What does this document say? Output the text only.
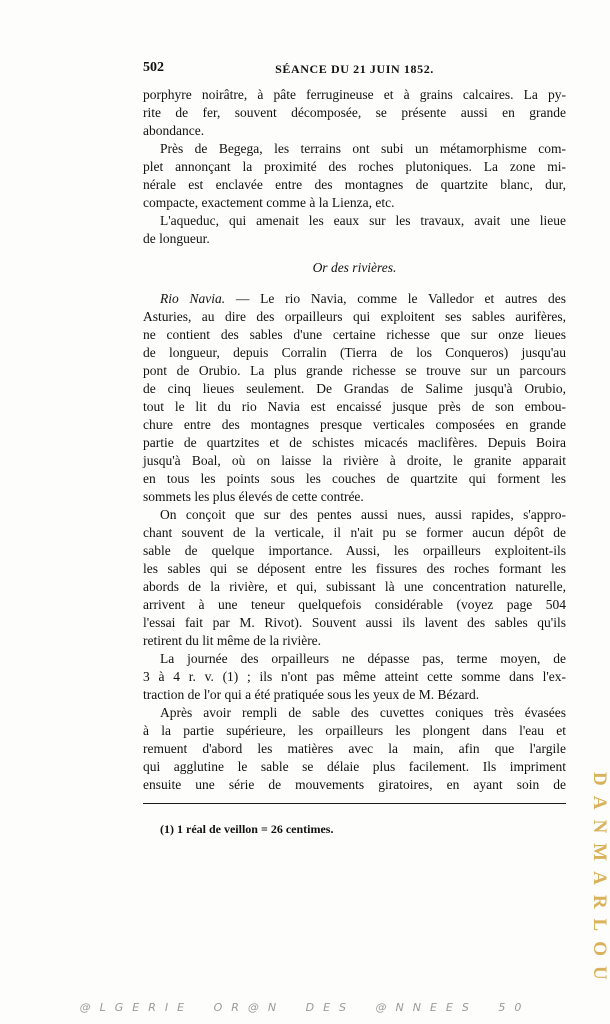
502	SÉANCE DU 21 JUIN 1852.
porphyre noirâtre, à pâte ferrugineuse et à grains calcaires. La py-
rite de fer, souvent décomposée, se présente aussi en grande
abondance.
Près de Begega, les terrains ont subi un métamorphisme com-
plet annonçant la proximité des roches plutoniques. La zone mi-
nérale est enclavée entre des montagnes de quartzite blanc, dur,
compacte, exactement comme à la Lienza, etc.
L'aqueduc, qui amenait les eaux sur les travaux, avait une lieue
de longueur.
Or des rivières.
Rio Navia. — Le rio Navia, comme le Valledor et autres des
Asturies, au dire des orpailleurs qui exploitent ses sables aurifères,
ne contient des sables d'une certaine richesse que sur onze lieues
de longueur, depuis Corralin (Tierra de los Conqueros) jusqu'au
pont de Orubio. La plus grande richesse se trouve sur un parcours
de cinq lieues seulement. De Grandas de Salime jusqu'à Orubio,
tout le lit du rio Navia est encaissé jusque près de son embou-
chure entre des montagnes presque verticales composées en grande
partie de quartzites et de schistes micacés maclifères. Depuis Boira
jusqu'à Boal, où on laisse la rivière à droite, le granite apparait
en tous les points sous les couches de quartzite qui forment les
sommets les plus élevés de cette contrée.
On conçoit que sur des pentes aussi nues, aussi rapides, s'appro-
chant souvent de la verticale, il n'ait pu se former aucun dépôt de
sable de quelque importance. Aussi, les orpailleurs exploitent-ils
les sables qui se déposent entre les fissures des roches formant les
abords de la rivière, et qui, subissant là une concentration naturelle,
arrivent à une teneur quelquefois considérable (voyez page 504
l'essai fait par M. Rivot). Souvent aussi ils lavent des sables qu'ils
retirent du lit même de la rivière.
La journée des orpailleurs ne dépasse pas, terme moyen, de
3 à 4 r. v. (1) ; ils n'ont pas même atteint cette somme dans l'ex-
traction de l'or qui a été pratiquée sous les yeux de M. Bézard.
Après avoir rempli de sable des cuvettes coniques très évasées
à la partie supérieure, les orpailleurs les plongent dans l'eau et
remuent d'abord les matières avec la main, afin que l'argile
qui agglutine le sable se délaie plus facilement. Ils impriment
ensuite une série de mouvements giratoires, en ayant soin de
(1) 1 réal de veillon = 26 centimes.	DANMARLOU
@LGERIE OR@N DES @NNEES 50
